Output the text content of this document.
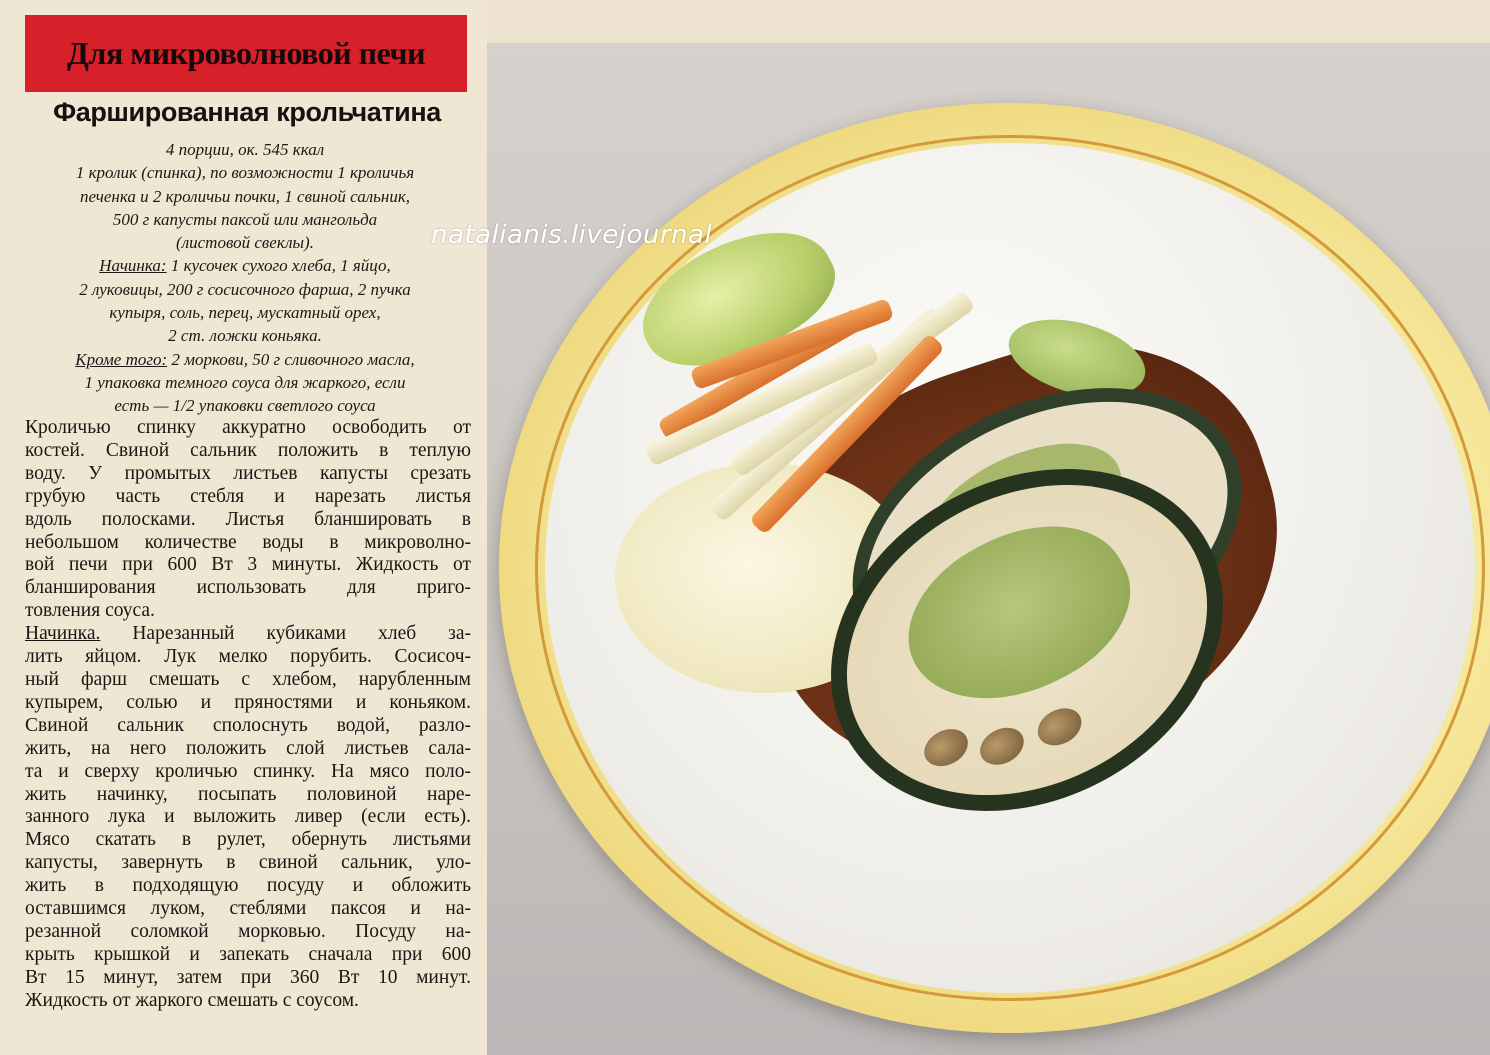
Для микроволновой печи
Фаршированная крольчатина
4 порции, ок. 545 ккал
1 кролик (спинка), по возможности 1 кроличья
печенка и 2 кроличьи почки, 1 свиной сальник,
500 г капусты паксой или мангольда
(листовой свеклы).
Начинка: 1 кусочек сухого хлеба, 1 яйцо,
2 луковицы, 200 г сосисочного фарша, 2 пучка
купыря, соль, перец, мускатный орех,
2 ст. ложки коньяка.
Кроме того: 2 моркови, 50 г сливочного масла,
1 упаковка темного соуса для жаркого, если
есть — 1/2 упаковки светлого соуса
Кроличью спинку аккуратно освободить от
костей. Свиной сальник положить в теплую
воду. У промытых листьев капусты срезать
грубую часть стебля и нарезать листья
вдоль полосками. Листья бланшировать в
небольшом количестве воды в микроволно-
вой печи при 600 Вт 3 минуты. Жидкость от
бланширования использовать для приго-
товления соуса.
Начинка. Нарезанный кубиками хлеб за-
лить яйцом. Лук мелко порубить. Сосисоч-
ный фарш смешать с хлебом, нарубленным
купырем, солью и пряностями и коньяком.
Свиной сальник сполоснуть водой, разло-
жить, на него положить слой листьев сала-
та и сверху кроличью спинку. На мясо поло-
жить начинку, посыпать половиной наре-
занного лука и выложить ливер (если есть).
Мясо скатать в рулет, обернуть листьями
капусты, завернуть в свиной сальник, уло-
жить в подходящую посуду и обложить
оставшимся луком, стеблями паксоя и на-
резанной соломкой морковью. Посуду на-
крыть крышкой и запекать сначала при 600
Вт 15 минут, затем при 360 Вт 10 минут.
Жидкость от жаркого смешать с соусом.
natalianis.livejournal
